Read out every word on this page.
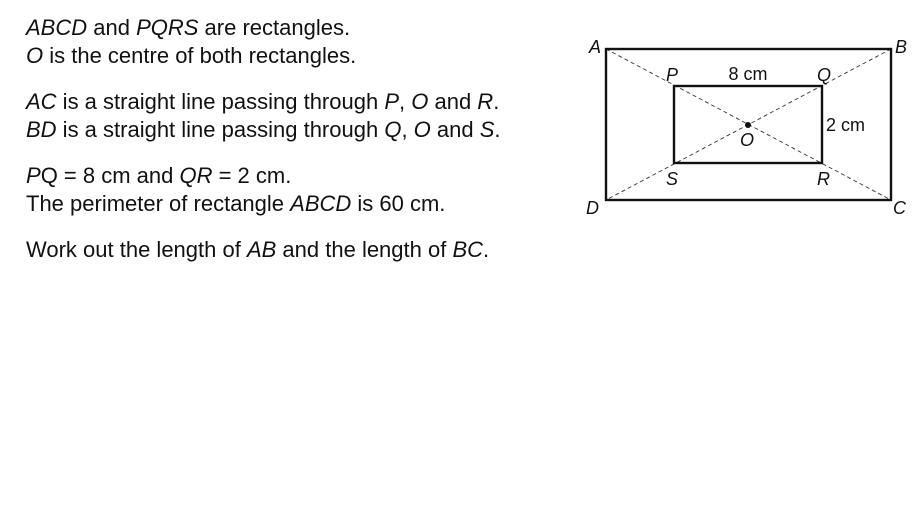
ABCD and PQRS are rectangles.
O is the centre of both rectangles.
AC is a straight line passing through P, O and R.
BD is a straight line passing through Q, O and S.
PQ = 8 cm and QR = 2 cm.
The perimeter of rectangle ABCD is 60 cm.
Work out the length of AB and the length of BC.
A	B
C
D
P	Q
R
S
O
8 cm
2 cm
